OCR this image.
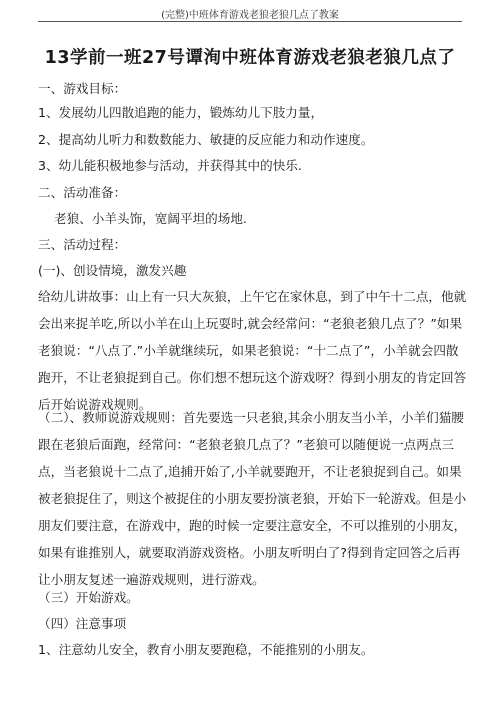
(完整)中班体育游戏老狼老狼几点了教案
13学前一班27号谭洵中班体育游戏老狼老狼几点了
一、游戏目标：
1、发展幼儿四散追跑的能力，锻炼幼儿下肢力量，
2、提高幼儿听力和数数能力、敏捷的反应能力和动作速度。
3、幼儿能积极地参与活动，并获得其中的快乐.
二、活动准备：
老狼、小羊头饰，宽阔平坦的场地.
三、活动过程：
(一)、创设情境，激发兴趣
给幼儿讲故事：山上有一只大灰狼，上午它在家休息，到了中午十二点，他就会出来捉羊吃,所以小羊在山上玩耍时,就会经常问：“老狼老狼几点了？”如果老狼说：“八点了.”小羊就继续玩，如果老狼说：“十二点了”，小羊就会四散跑开，不让老狼捉到自己。你们想不想玩这个游戏呀？得到小朋友的肯定回答后开始说游戏规则。
（二）、教师说游戏规则：首先要选一只老狼,其余小朋友当小羊，小羊们猫腰跟在老狼后面跑，经常问：“老狼老狼几点了？”老狼可以随便说一点两点三点，当老狼说十二点了,追捕开始了,小羊就要跑开，不让老狼捉到自己。如果被老狼捉住了，则这个被捉住的小朋友要扮演老狼，开始下一轮游戏。但是小朋友们要注意，在游戏中，跑的时候一定要注意安全，不可以推别的小朋友，如果有谁推别人，就要取消游戏资格。小朋友听明白了?得到肯定回答之后再让小朋友复述一遍游戏规则，进行游戏。
（三）开始游戏。
（四）注意事项
1、注意幼儿安全，教育小朋友要跑稳，不能推别的小朋友。
